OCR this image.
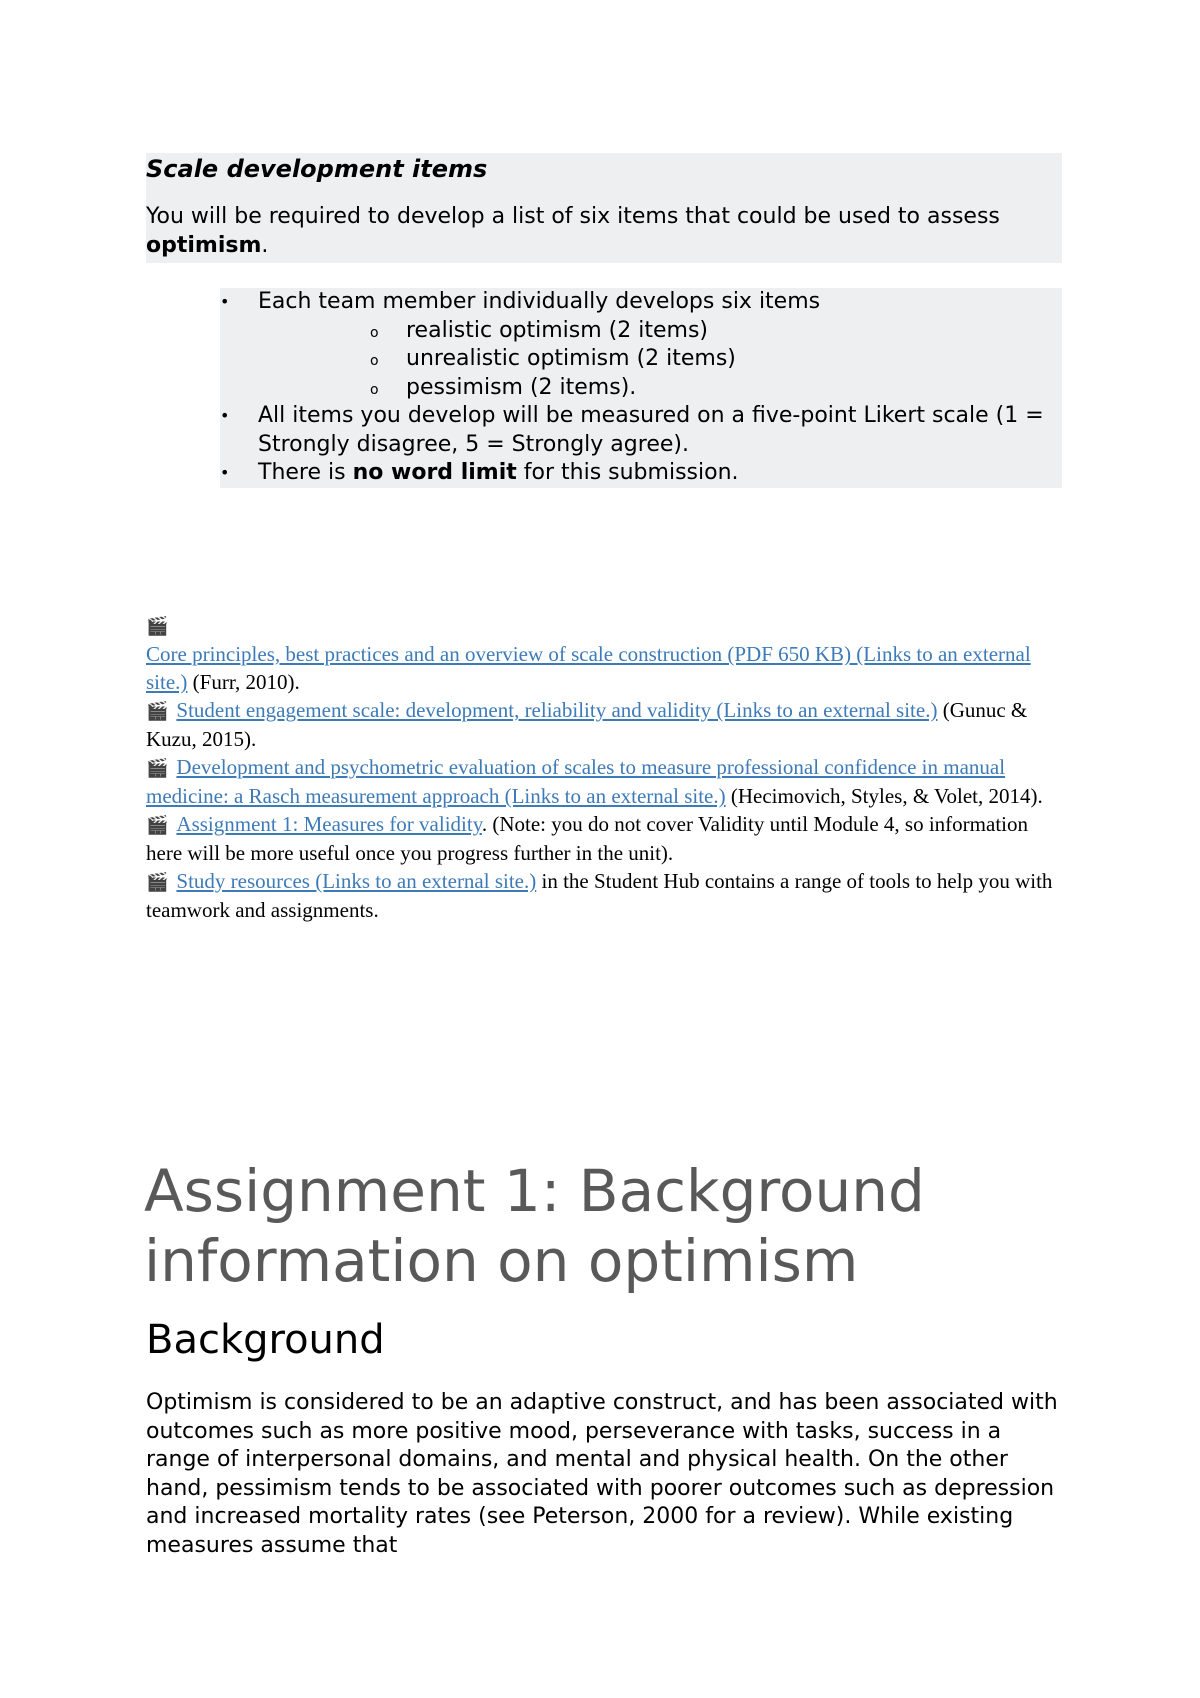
Scale development items

You will be required to develop a list of six items that could be used to assess optimism.

• Each team member individually develops six items
o realistic optimism (2 items)
o unrealistic optimism (2 items)
o pessimism (2 items).
• All items you develop will be measured on a five-point Likert scale (1 = Strongly disagree, 5 = Strongly agree).
• There is no word limit for this submission.
🎬

Core principles, best practices and an overview of scale construction (PDF 650 KB) (Links to an external site.) (Furr, 2010).

🎬 Student engagement scale: development, reliability and validity (Links to an external site.) (Gunuc & Kuzu, 2015).

🎬 Development and psychometric evaluation of scales to measure professional confidence in manual medicine: a Rasch measurement approach (Links to an external site.) (Hecimovich, Styles, & Volet, 2014).

🎬 Assignment 1: Measures for validity. (Note: you do not cover Validity until Module 4, so information here will be more useful once you progress further in the unit).

🎬 Study resources (Links to an external site.) in the Student Hub contains a range of tools to help you with teamwork and assignments.

Assignment 1: Background information on optimism
Background

Optimism is considered to be an adaptive construct, and has been associated with outcomes such as more positive mood, perseverance with tasks, success in a range of interpersonal domains, and mental and physical health. On the other hand, pessimism tends to be associated with poorer outcomes such as depression and increased mortality rates (see Peterson, 2000 for a review). While existing measures assume that
